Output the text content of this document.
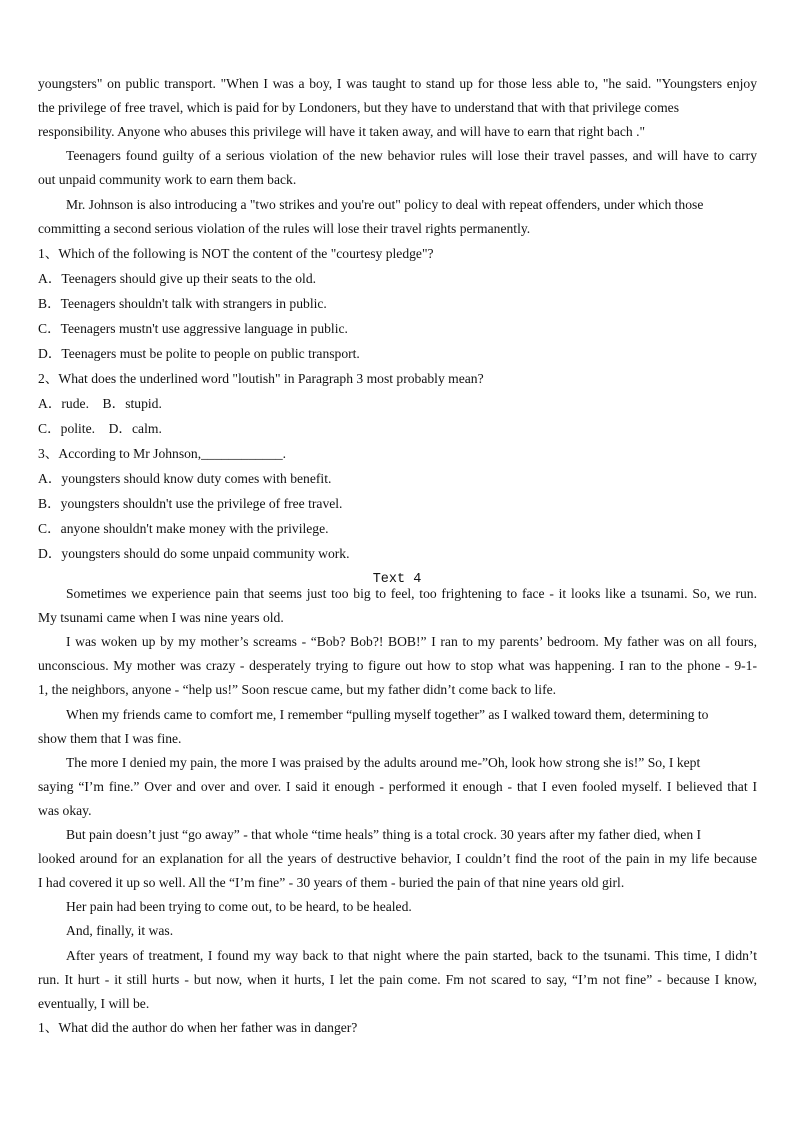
youngsters" on public transport. "When I was a boy, I was taught to stand up for those less able to, "he said. "Youngsters enjoy
the privilege of free travel, which is paid for by Londoners, but they have to understand that with that privilege comes
responsibility. Anyone who abuses this privilege will have it taken away, and will have to earn that right bach ."
Teenagers found guilty of a serious violation of the new behavior rules will lose their travel passes, and will have to carry
out unpaid community work to earn them back.
Mr. Johnson is also introducing a "two strikes and you're out" policy to deal with repeat offenders, under which those
committing a second serious violation of the rules will lose their travel rights permanently.
1、Which of the following is NOT the content of the "courtesy pledge"?
A．Teenagers should give up their seats to the old.
B．Teenagers shouldn't talk with strangers in public.
C．Teenagers mustn't use aggressive language in public.
D．Teenagers must be polite to people on public transport.
2、What does the underlined word "loutish" in Paragraph 3 most probably mean?
A．rude.　B．stupid.
C．polite.　D．calm.
3、According to Mr Johnson,____________.
A．youngsters should know duty comes with benefit.
B．youngsters shouldn't use the privilege of free travel.
C．anyone shouldn't make money with the privilege.
D．youngsters should do some unpaid community work.
Text 4
Sometimes we experience pain that seems just too big to feel, too frightening to face - it looks like a tsunami. So, we run.
My tsunami came when I was nine years old.
I was woken up by my mother’s screams - “Bob? Bob?! BOB!” I ran to my parents’ bedroom. My father was on all fours,
unconscious. My mother was crazy - desperately trying to figure out how to stop what was happening. I ran to the phone - 9-1-
1, the neighbors, anyone - “help us!” Soon rescue came, but my father didn’t come back to life.
When my friends came to comfort me, I remember “pulling myself together” as I walked toward them, determining to
show them that I was fine.
The more I denied my pain, the more I was praised by the adults around me-”Oh, look how strong she is!” So, I kept
saying “I’m fine.” Over and over and over. I said it enough - performed it enough - that I even fooled myself. I believed that I
was okay.
But pain doesn’t just “go away” - that whole “time heals” thing is a total crock. 30 years after my father died, when I
looked around for an explanation for all the years of destructive behavior, I couldn’t find the root of the pain in my life because
I had covered it up so well. All the “I’m fine” - 30 years of them - buried the pain of that nine years old girl.
Her pain had been trying to come out, to be heard, to be healed.
And, finally, it was.
After years of treatment, I found my way back to that night where the pain started, back to the tsunami. This time, I didn’t
run. It hurt - it still hurts - but now, when it hurts, I let the pain come. Fm not scared to say, “I’m not fine” - because I know,
eventually, I will be.
1、What did the author do when her father was in danger?
